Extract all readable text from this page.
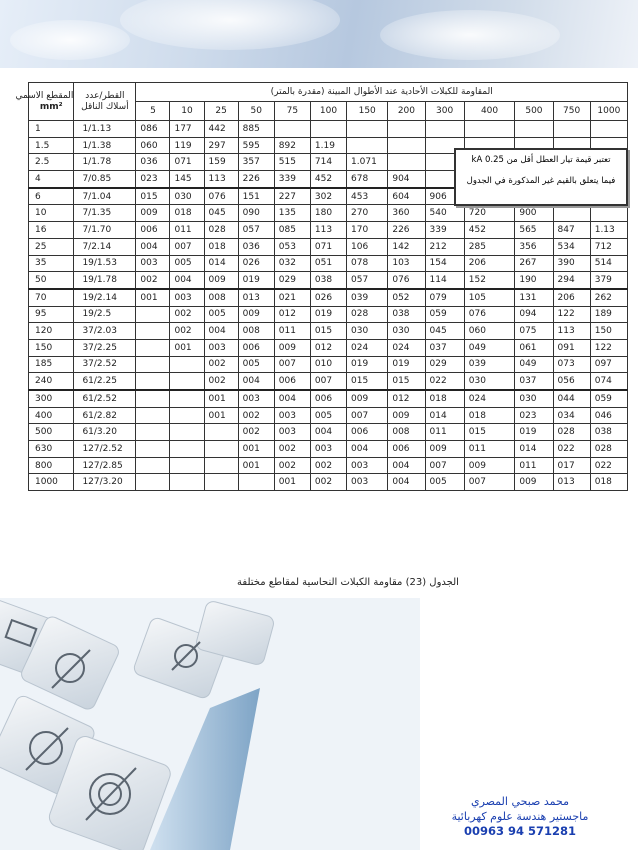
المقطع الاسمي
mm²	القطر/عدد أسلاك الناقل	المقاومة للكبلات الأحادية عند الأطوال المبينة (مقدرة بالمتر)												

		5	10	25	50	75	100	150	200	300	400	500	750	1000
1	1/1.13	086	177	442	885									
1.5	1/1.38	060	119	297	595	892	1.19							
2.5	1/1.78	036	071	159	357	515	714	1.071						
4	7/0.85	023	145	113	226	339	452	678	904					
6	7/1.04	015	030	076	151	227	302	453	604	906				
10	7/1.35	009	018	045	090	135	180	270	360	540	720	900		
16	7/1.70	006	011	028	057	085	113	170	226	339	452	565	847	1.13
25	7/2.14	004	007	018	036	053	071	106	142	212	285	356	534	712
35	19/1.53	003	005	014	026	032	051	078	103	154	206	267	390	514
50	19/1.78	002	004	009	019	029	038	057	076	114	152	190	294	379
70	19/2.14	001	003	008	013	021	026	039	052	079	105	131	206	262
95	19/2.5		002	005	009	012	019	028	038	059	076	094	122	189
120	37/2.03		002	004	008	011	015	030	030	045	060	075	113	150
150	37/2.25		001	003	006	009	012	024	024	037	049	061	091	122
185	37/2.52			002	005	007	010	019	019	029	039	049	073	097
240	61/2.25			002	004	006	007	015	015	022	030	037	056	074
300	61/2.52			001	003	004	006	009	012	018	024	030	044	059
400	61/2.82			001	002	003	005	007	009	014	018	023	034	046
500	61/3.20				002	003	004	006	008	011	015	019	028	038
630	127/2.52				001	002	003	004	006	009	011	014	022	028
800	127/2.85				001	002	002	003	004	007	009	011	017	022
1000	127/3.20					001	002	003	004	005	007	009	013	018
تعتبر قيمة تيار العطل أقل من 0.25 kA
فيما يتعلق بالقيم غير المذكورة في الجدول
الجدول (23) مقاومة الكبلات النحاسية لمقاطع مختلفة
محمد صبحي المصري
ماجستير هندسة علوم كهربائية
00963 94 571281
